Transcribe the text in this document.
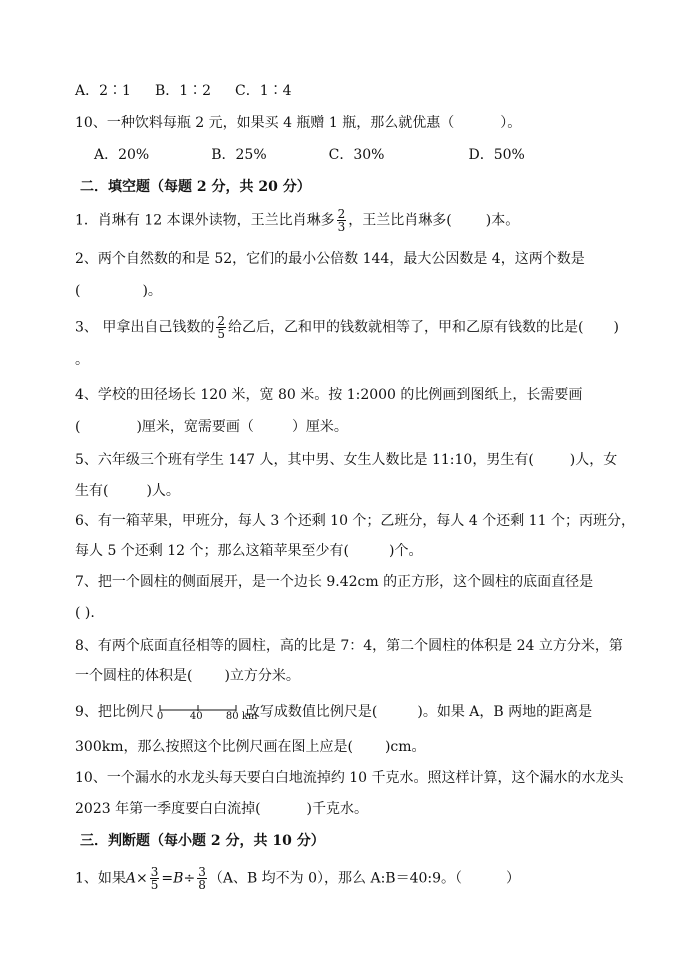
A．2∶1 B．1∶2 C．1∶4
10、一种饮料每瓶 2 元，如果买 4 瓶赠 1 瓶，那么就优惠（	）。
A．20%	B．25%	C．30%	D．50%
二．填空题（每题 2 分，共 20 分）
1．肖琳有 12 本课外读物，王兰比肖琳多 $\frac{2}{3}$ ，王兰比肖琳多( )本。
2、两个自然数的和是 52，它们的最小公倍数 144，最大公因数是 4，这两个数是
(	)。
3、 甲拿出自己钱数的 $\frac{2}{5}$ 给乙后，乙和甲的钱数就相等了，甲和乙原有钱数的比是( )
。
4、学校的田径场长 120 米，宽 80 米。按 1:2000 的比例画到图纸上，长需要画
(	)厘米，宽需要画（	）厘米。
5、六年级三个班有学生 147 人，其中男、女生人数比是 11:10，男生有(	)人，女
生有(	)人。
6、有一箱苹果，甲班分，每人 3 个还剩 10 个；乙班分，每人 4 个还剩 11 个；丙班分，
每人 5 个还剩 12 个；那么这箱苹果至少有(	)个。
7、把一个圆柱的侧面展开，是一个边长 9.42cm 的正方形，这个圆柱的底面直径是
( ).
8、有两个底面直径相等的圆柱，高的比是 7：4，第二个圆柱的体积是 24 立方分米，第
一个圆柱的体积是( )立方分米。
9、把比例尺 0	40 80 km
改写成数值比例尺是(	)。如果 A，B 两地的距离是
300km，那么按照这个比例尺画在图上应是( )cm。
10、一个漏水的水龙头每天要白白地流掉约 10 千克水。照这样计算，这个漏水的水龙头
2023 年第一季度要白白流掉(	)千克水。
三．判断题（每小题 2 分，共 10 分）
1、如果$A\times \frac{3}{5} =B\div \frac{3}{8} (A$、B 均不为 0），那么 A:B＝40:9。（	）
